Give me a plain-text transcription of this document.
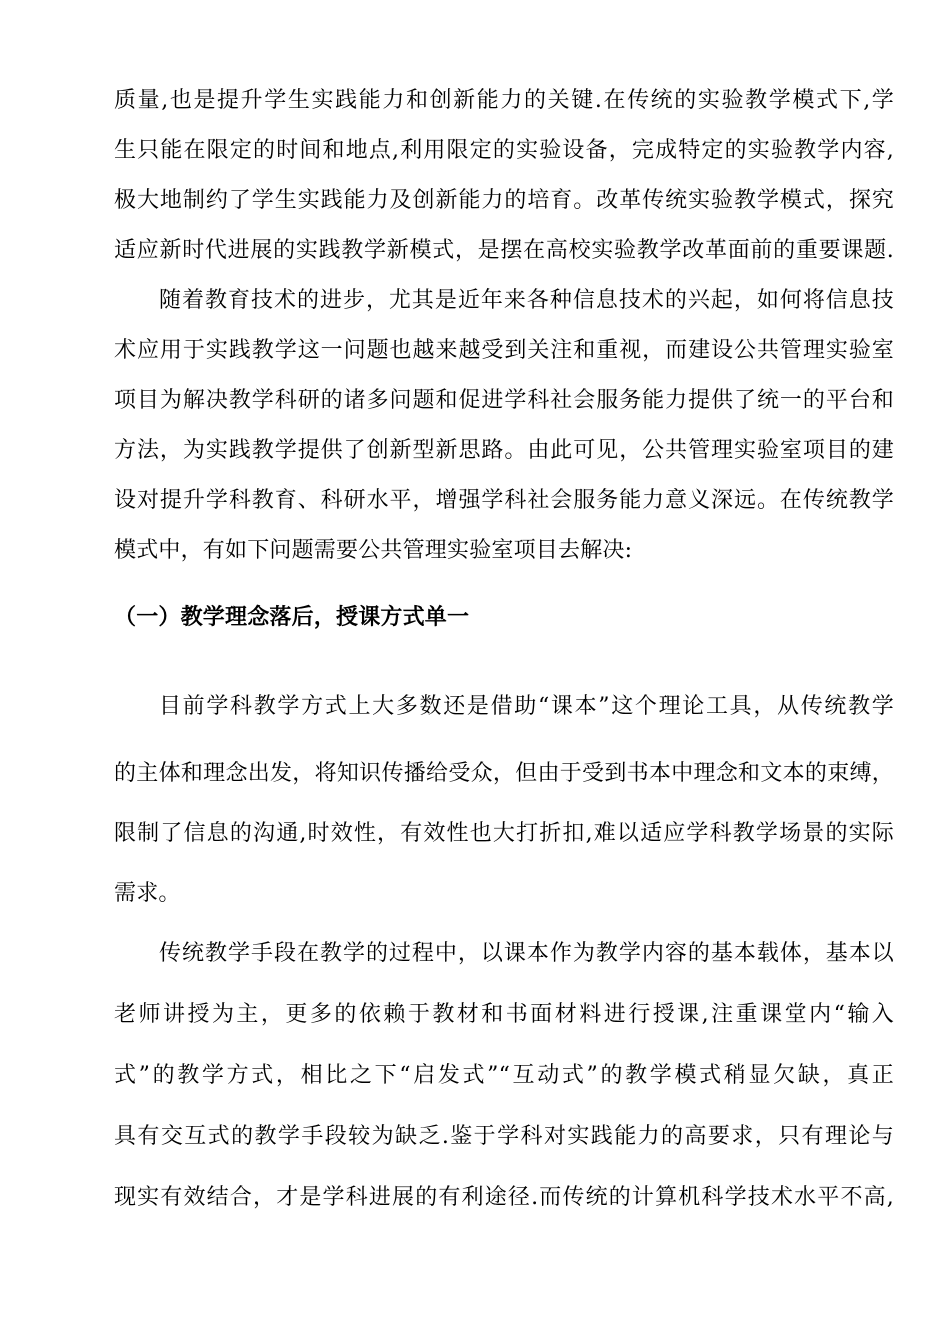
质量,也是提升学生实践能力和创新能力的关键.在传统的实验教学模式下,学
生只能在限定的时间和地点,利用限定的实验设备，完成特定的实验教学内容,
极大地制约了学生实践能力及创新能力的培育。改革传统实验教学模式，探究
适应新时代进展的实践教学新模式，是摆在高校实验教学改革面前的重要课题.
随着教育技术的进步，尤其是近年来各种信息技术的兴起，如何将信息技
术应用于实践教学这一问题也越来越受到关注和重视，而建设公共管理实验室
项目为解决教学科研的诸多问题和促进学科社会服务能力提供了统一的平台和
方法，为实践教学提供了创新型新思路。由此可见，公共管理实验室项目的建
设对提升学科教育、科研水平，增强学科社会服务能力意义深远。在传统教学
模式中，有如下问题需要公共管理实验室项目去解决:
（一）教学理念落后，授课方式单一
目前学科教学方式上大多数还是借助“课本”这个理论工具，从传统教学
的主体和理念出发，将知识传播给受众，但由于受到书本中理念和文本的束缚，
限制了信息的沟通,时效性，有效性也大打折扣,难以适应学科教学场景的实际
需求。
传统教学手段在教学的过程中，以课本作为教学内容的基本载体，基本以
老师讲授为主，更多的依赖于教材和书面材料进行授课,注重课堂内“输入
式”的教学方式，相比之下“启发式”“互动式”的教学模式稍显欠缺，真正
具有交互式的教学手段较为缺乏.鉴于学科对实践能力的高要求，只有理论与
现实有效结合，才是学科进展的有利途径.而传统的计算机科学技术水平不高,
